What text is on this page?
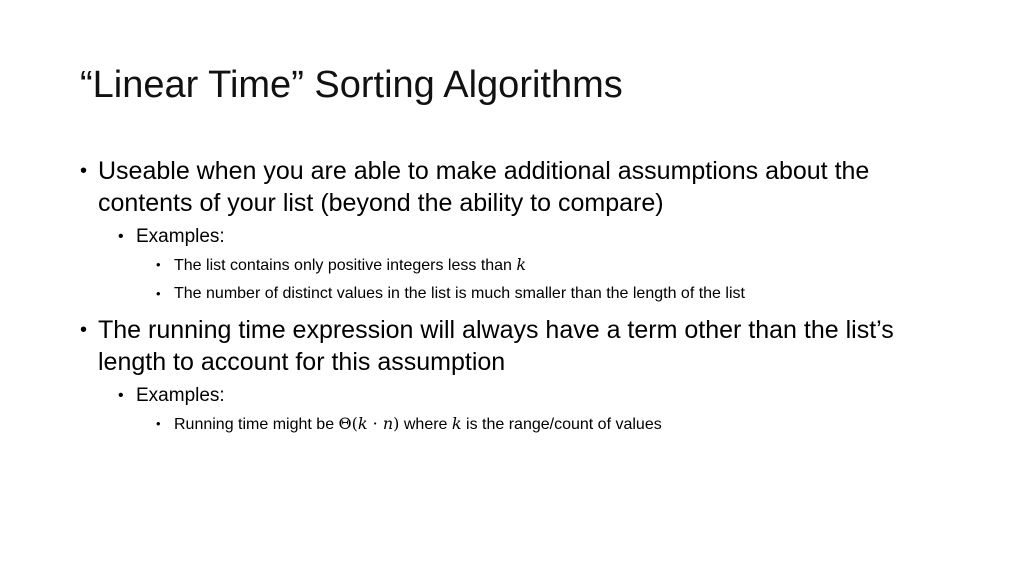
“Linear Time” Sorting Algorithms

• Useable when you are able to make additional assumptions about the contents of your list (beyond the ability to compare)

• Examples:

• The list contains only positive integers less than k

• The number of distinct values in the list is much smaller than the length of the list

• The running time expression will always have a term other than the list’s length to account for this assumption

• Examples:

• Running time might be Θ(k · n) where k is the range/count of values
